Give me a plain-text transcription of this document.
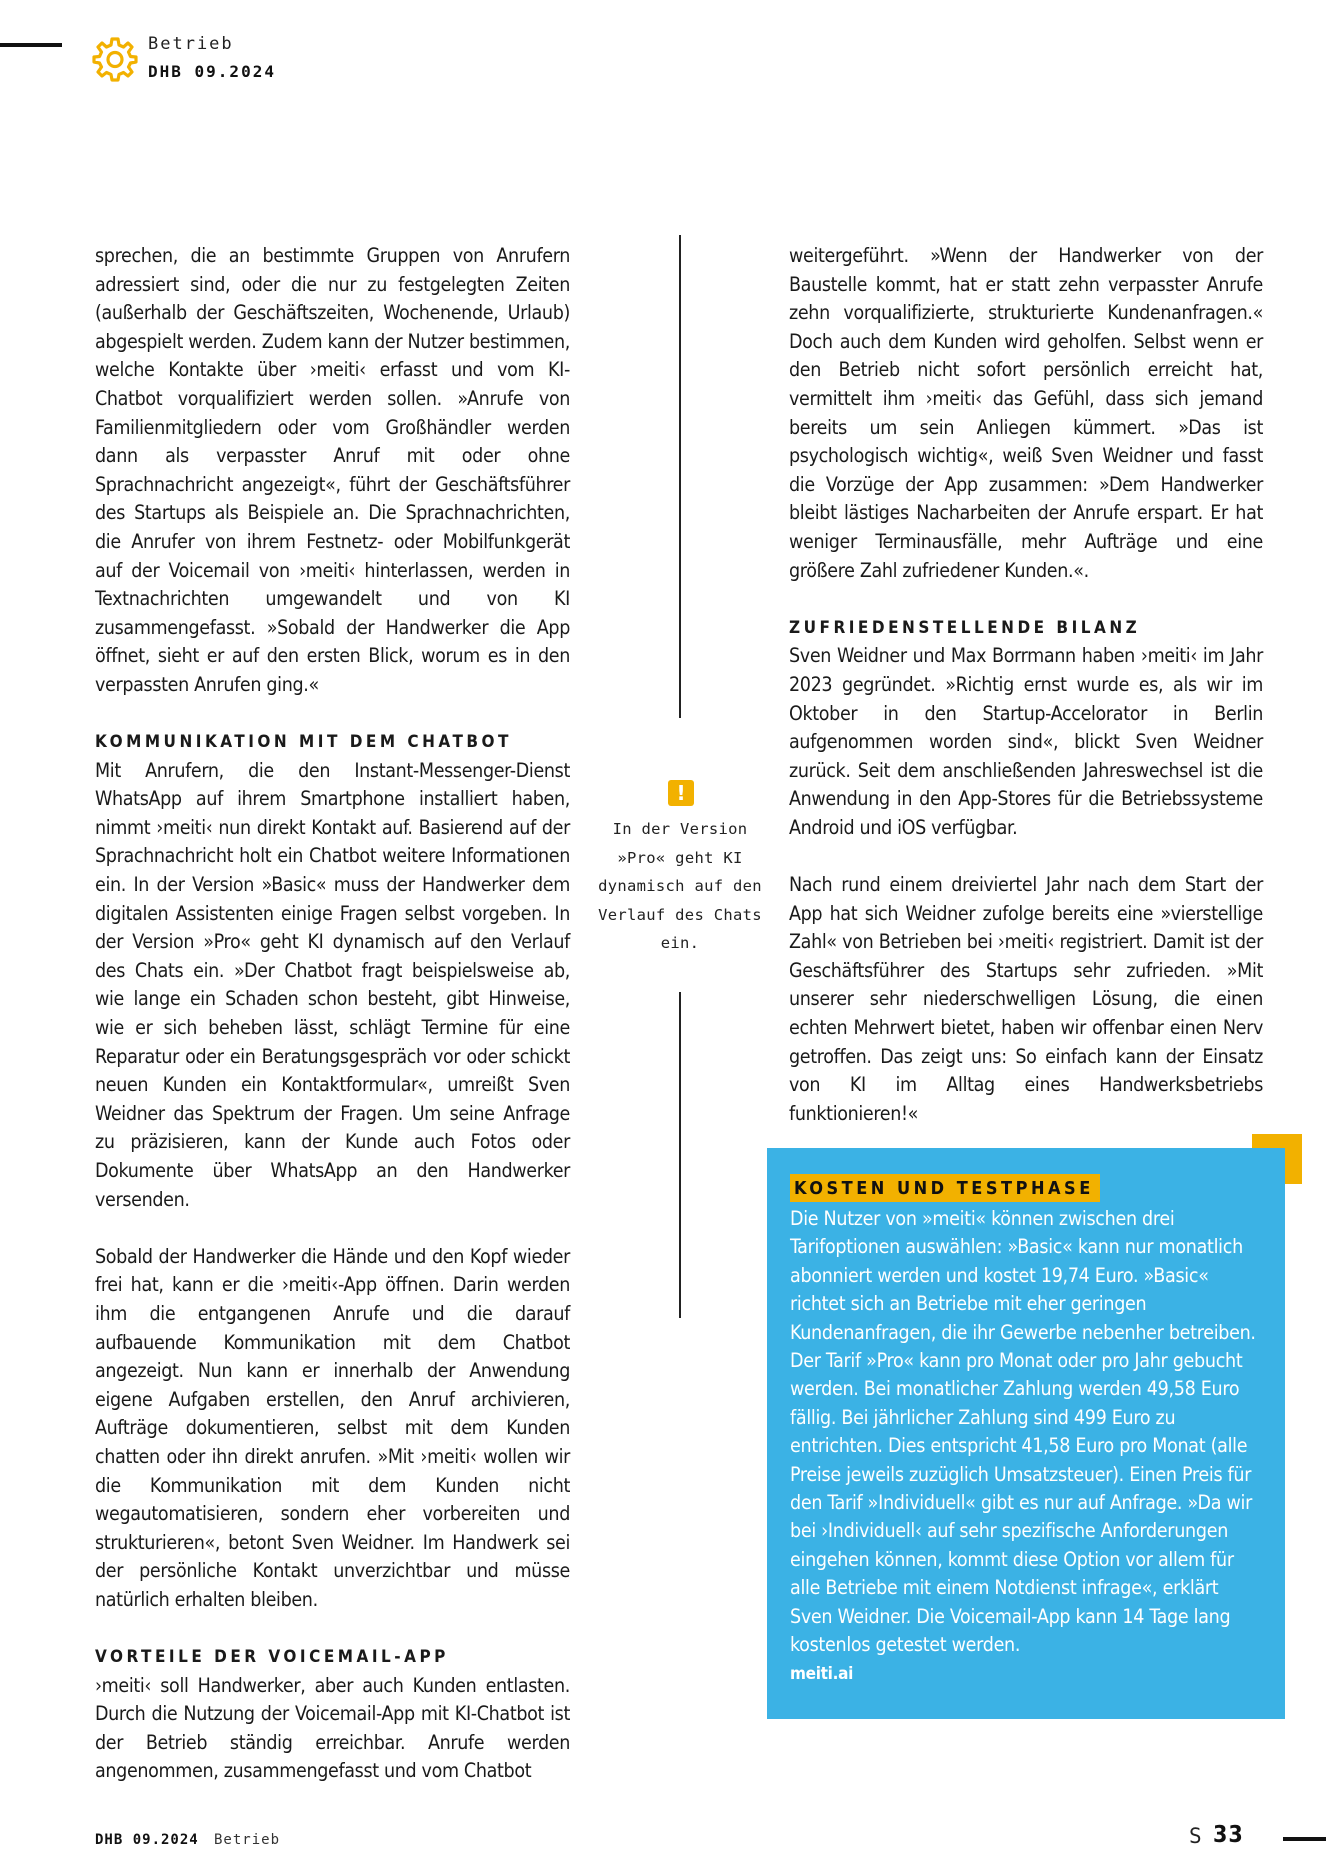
Betrieb
DHB 09.2024

sprechen, die an bestimmte Gruppen von Anrufern adressiert sind, oder die nur zu festgelegten Zeiten (außerhalb der Geschäftszeiten, Wochenende, Urlaub) abgespielt werden. Zudem kann der Nutzer bestimmen, welche Kontakte über ›meiti‹ erfasst und vom KI-Chatbot vorqualifiziert werden sollen. »Anrufe von Familienmitgliedern oder vom Großhändler werden dann als verpasster Anruf mit oder ohne Sprachnachricht angezeigt«, führt der Geschäftsführer des Startups als Beispiele an. Die Sprachnachrichten, die Anrufer von ihrem Festnetz- oder Mobilfunkgerät auf der Voicemail von ›meiti‹ hinterlassen, werden in Textnachrichten umgewandelt und von KI zusammengefasst. »Sobald der Handwerker die App öffnet, sieht er auf den ersten Blick, worum es in den verpassten Anrufen ging.«

KOMMUNIKATION MIT DEM CHATBOT

Mit Anrufern, die den Instant-Messenger-Dienst WhatsApp auf ihrem Smartphone installiert haben, nimmt ›meiti‹ nun direkt Kontakt auf. Basierend auf der Sprachnachricht holt ein Chatbot weitere Informationen ein. In der Version »Basic« muss der Handwerker dem digitalen Assistenten einige Fragen selbst vorgeben. In der Version »Pro« geht KI dynamisch auf den Verlauf des Chats ein. »Der Chatbot fragt beispielsweise ab, wie lange ein Schaden schon besteht, gibt Hinweise, wie er sich beheben lässt, schlägt Termine für eine Reparatur oder ein Beratungsgespräch vor oder schickt neuen Kunden ein Kontaktformular«, umreißt Sven Weidner das Spektrum der Fragen. Um seine Anfrage zu präzisieren, kann der Kunde auch Fotos oder Dokumente über WhatsApp an den Handwerker versenden.

Sobald der Handwerker die Hände und den Kopf wieder frei hat, kann er die ›meiti‹-App öffnen. Darin werden ihm die entgangenen Anrufe und die darauf aufbauende Kommunikation mit dem Chatbot angezeigt. Nun kann er innerhalb der Anwendung eigene Aufgaben erstellen, den Anruf archivieren, Aufträge dokumentieren, selbst mit dem Kunden chatten oder ihn direkt anrufen. »Mit ›meiti‹ wollen wir die Kommunikation mit dem Kunden nicht wegautomatisieren, sondern eher vorbereiten und strukturieren«, betont Sven Weidner. Im Handwerk sei der persönliche Kontakt unverzichtbar und müsse natürlich erhalten bleiben.

VORTEILE DER VOICEMAIL-APP

›meiti‹ soll Handwerker, aber auch Kunden entlasten. Durch die Nutzung der Voicemail-App mit KI-Chatbot ist der Betrieb ständig erreichbar. Anrufe werden angenommen, zusammengefasst und vom Chatbot

!
In der Version »Pro« geht KI dynamisch auf den Verlauf des Chats ein.

weitergeführt. »Wenn der Handwerker von der Baustelle kommt, hat er statt zehn verpasster Anrufe zehn vorqualifizierte, strukturierte Kundenanfragen.« Doch auch dem Kunden wird geholfen. Selbst wenn er den Betrieb nicht sofort persönlich erreicht hat, vermittelt ihm ›meiti‹ das Gefühl, dass sich jemand bereits um sein Anliegen kümmert. »Das ist psychologisch wichtig«, weiß Sven Weidner und fasst die Vorzüge der App zusammen: »Dem Handwerker bleibt lästiges Nacharbeiten der Anrufe erspart. Er hat weniger Terminausfälle, mehr Aufträge und eine größere Zahl zufriedener Kunden.«.

ZUFRIEDENSTELLENDE BILANZ

Sven Weidner und Max Borrmann haben ›meiti‹ im Jahr 2023 gegründet. »Richtig ernst wurde es, als wir im Oktober in den Startup-Accelorator in Berlin aufgenommen worden sind«, blickt Sven Weidner zurück. Seit dem anschließenden Jahreswechsel ist die Anwendung in den App-Stores für die Betriebssysteme Android und iOS verfügbar.

Nach rund einem dreiviertel Jahr nach dem Start der App hat sich Weidner zufolge bereits eine »vierstellige Zahl« von Betrieben bei ›meiti‹ registriert. Damit ist der Geschäftsführer des Startups sehr zufrieden. »Mit unserer sehr niederschwelligen Lösung, die einen echten Mehrwert bietet, haben wir offenbar einen Nerv getroffen. Das zeigt uns: So einfach kann der Einsatz von KI im Alltag eines Handwerksbetriebs funktionieren!«

KOSTEN UND TESTPHASE

Die Nutzer von »meiti« können zwischen drei Tarifoptionen auswählen: »Basic« kann nur monatlich abonniert werden und kostet 19,74 Euro. »Basic« richtet sich an Betriebe mit eher geringen Kundenanfragen, die ihr Gewerbe nebenher betreiben. Der Tarif »Pro« kann pro Monat oder pro Jahr gebucht werden. Bei monatlicher Zahlung werden 49,58 Euro fällig. Bei jährlicher Zahlung sind 499 Euro zu entrichten. Dies entspricht 41,58 Euro pro Monat (alle Preise jeweils zuzüglich Umsatzsteuer). Einen Preis für den Tarif »Individuell« gibt es nur auf Anfrage. »Da wir bei ›Individuell‹ auf sehr spezifische Anforderungen eingehen können, kommt diese Option vor allem für alle Betriebe mit einem Notdienst infrage«, erklärt Sven Weidner. Die Voicemail-App kann 14 Tage lang kostenlos getestet werden.

meiti.ai
DHB 09.2024 Betrieb	S 33
